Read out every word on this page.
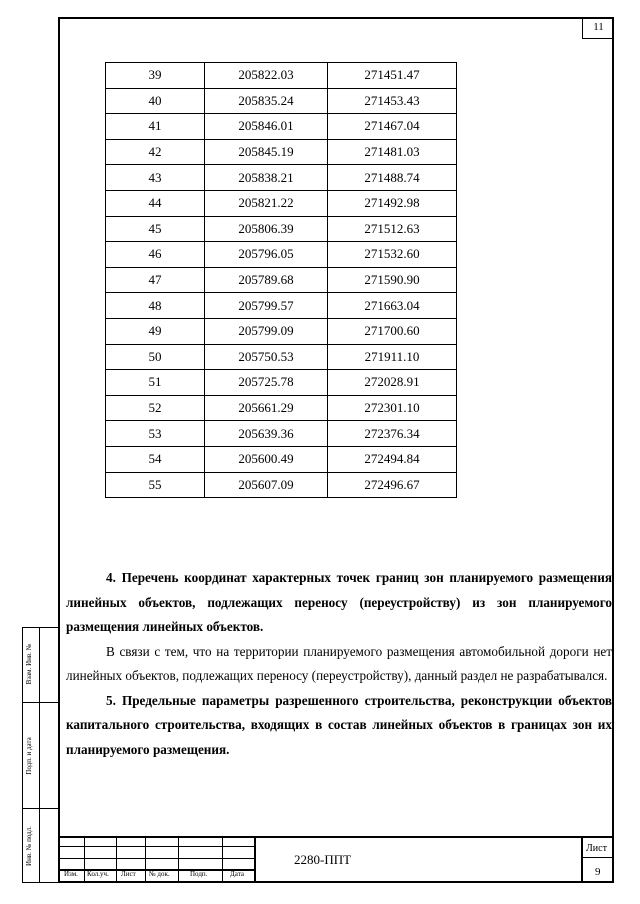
11
Взам. Инв. №
Подп. и дата
Инв. № подл.
39	205822.03	271451.47
40	205835.24	271453.43
41	205846.01	271467.04
42	205845.19	271481.03
43	205838.21	271488.74
44	205821.22	271492.98
45	205806.39	271512.63
46	205796.05	271532.60
47	205789.68	271590.90
48	205799.57	271663.04
49	205799.09	271700.60
50	205750.53	271911.10
51	205725.78	272028.91
52	205661.29	272301.10
53	205639.36	272376.34
54	205600.49	272494.84
55	205607.09	272496.67

4. Перечень координат характерных точек границ зон планируемого размещения линейных объектов, подлежащих переносу (переустройству) из зон планируемого размещения линейных объектов.

В связи с тем, что на территории планируемого размещения автомобильной дороги нет линейных объектов, подлежащих переносу (переустройству), данный раздел не разрабатывался.

5. Предельные параметры разрешенного строительства, реконструкции объектов капитального строительства, входящих в состав линейных объектов в границах зон их планируемого размещения.

Изм. Кол.уч. Лист № док.	Подп.	Дата
2280-ППТ
Лист
9
